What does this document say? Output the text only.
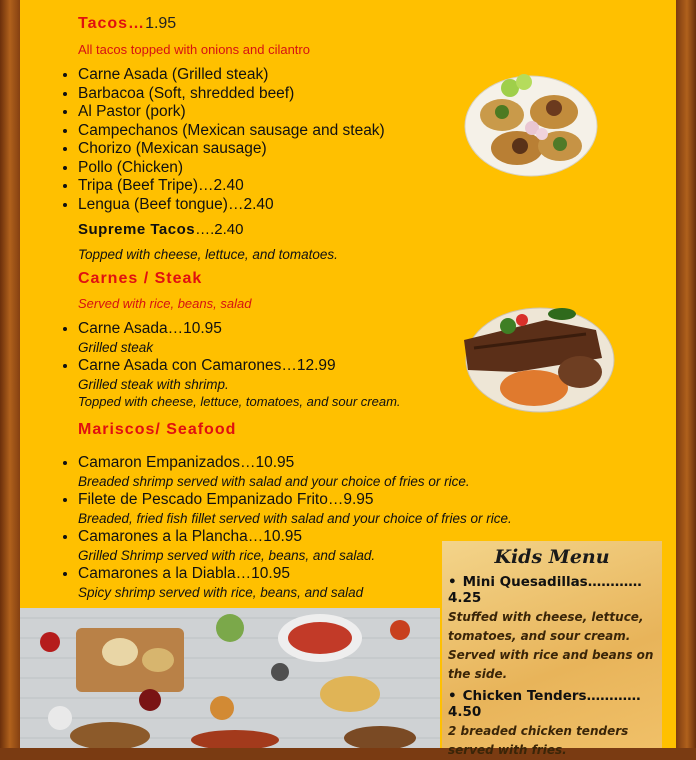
Tacos…1.95
All tacos topped with onions and cilantro
• Carne Asada (Grilled steak)
• Barbacoa (Soft, shredded beef)
• Al Pastor (pork)
• Campechanos (Mexican sausage and steak)
• Chorizo (Mexican sausage)
• Pollo (Chicken)
• Tripa (Beef Tripe)…2.40
• Lengua (Beef tongue)…2.40
Supreme Tacos….2.40
Topped with cheese, lettuce, and tomatoes.
Carnes / Steak
Served with rice, beans, salad
• Carne Asada…10.95
Grilled steak
• Carne Asada con Camarones…12.99
Grilled steak with shrimp.
Topped with cheese, lettuce, tomatoes, and sour cream.
Mariscos/ Seafood
• Camaron Empanizados…10.95
Breaded shrimp served with salad and your choice of fries or rice.
• Filete de Pescado Empanizado Frito…9.95
Breaded, fried fish fillet served with salad and your choice of fries or rice.
• Camarones a la Plancha…10.95
Grilled Shrimp served with rice, beans, and salad.
• Camarones a la Diabla…10.95
Spicy shrimp served with rice, beans, and salad
Kids Menu
• Mini Quesadillas…………4.25
Stuffed with cheese, lettuce, tomatoes, and sour cream. Served with rice and beans on the side.
• Chicken Tenders…………4.50
2 breaded chicken tenders served with fries.
